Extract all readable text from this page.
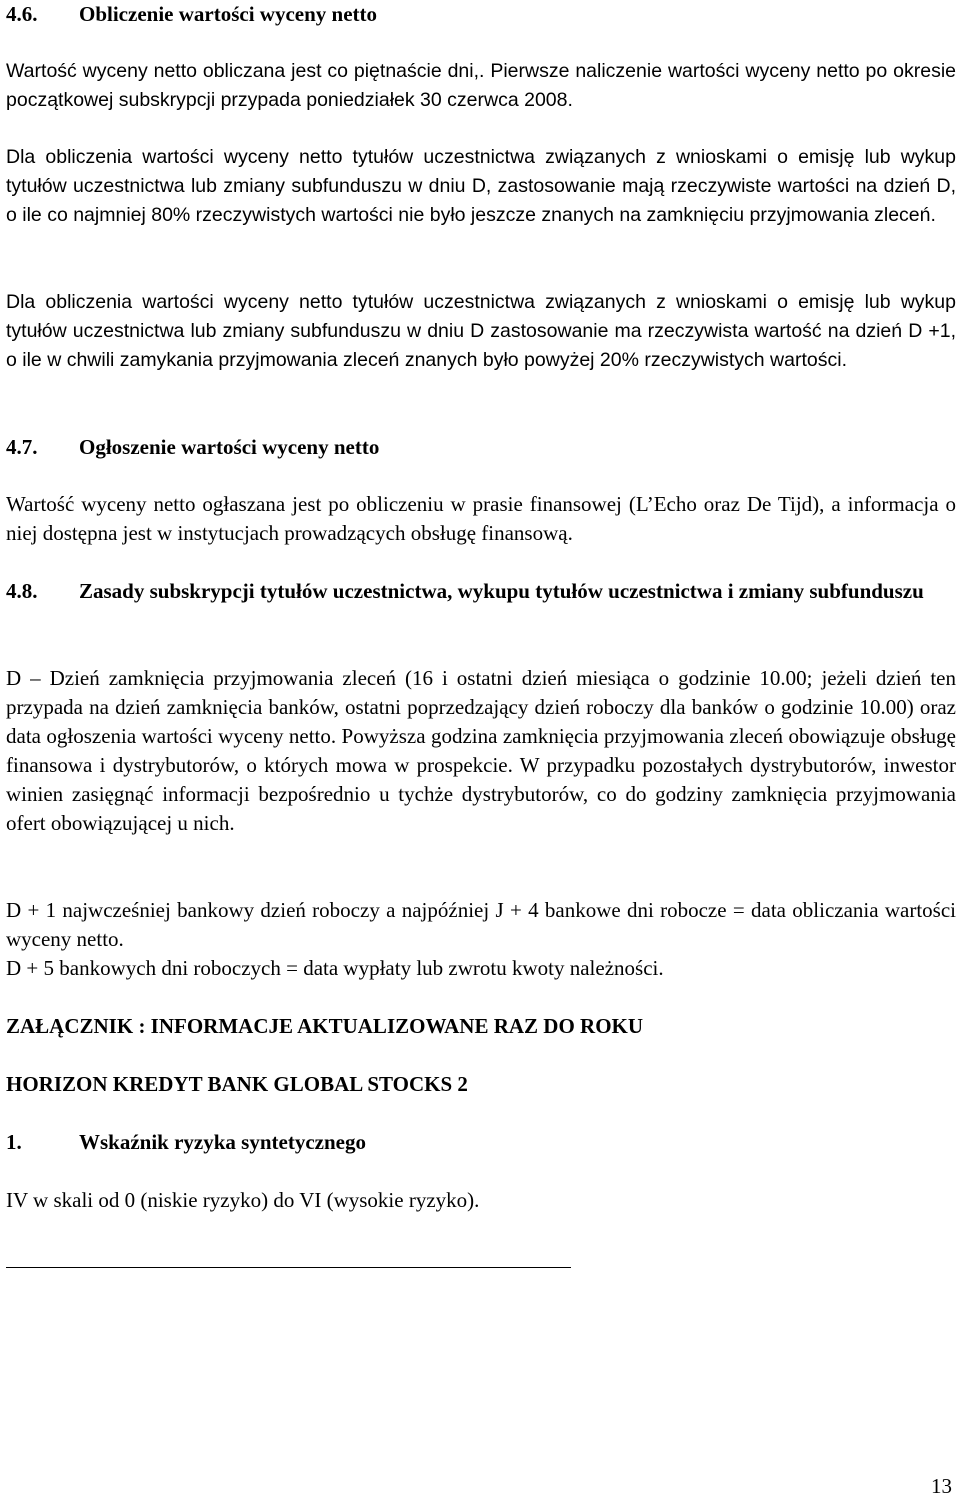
4.6. Obliczenie wartości wyceny netto

Wartość wyceny netto obliczana jest co piętnaście dni,. Pierwsze naliczenie wartości wyceny netto po okresie początkowej subskrypcji przypada poniedziałek 30 czerwca 2008.

Dla obliczenia wartości wyceny netto tytułów uczestnictwa związanych z wnioskami o emisję lub wykup tytułów uczestnictwa lub zmiany subfunduszu w dniu D, zastosowanie mają rzeczywiste wartości na dzień D, o ile co najmniej 80% rzeczywistych wartości nie było jeszcze znanych na zamknięciu przyjmowania zleceń.

Dla obliczenia wartości wyceny netto tytułów uczestnictwa związanych z wnioskami o emisję lub wykup tytułów uczestnictwa lub zmiany subfunduszu w dniu D zastosowanie ma rzeczywista wartość na dzień D +1, o ile w chwili zamykania przyjmowania zleceń znanych było powyżej 20% rzeczywistych wartości.

4.7. Ogłoszenie wartości wyceny netto

Wartość wyceny netto ogłaszana jest po obliczeniu w prasie finansowej (L’Echo oraz De Tijd), a informacja o niej dostępna jest w instytucjach prowadzących obsługę finansową.

4.8. Zasady subskrypcji tytułów uczestnictwa, wykupu tytułów uczestnictwa i zmiany subfunduszu

D – Dzień zamknięcia przyjmowania zleceń (16 i ostatni dzień miesiąca o godzinie 10.00; jeżeli dzień ten przypada na dzień zamknięcia banków, ostatni poprzedzający dzień roboczy dla banków o godzinie 10.00) oraz data ogłoszenia wartości wyceny netto. Powyższa godzina zamknięcia przyjmowania zleceń obowiązuje obsługę finansowa i dystrybutorów, o których mowa w prospekcie. W przypadku pozostałych dystrybutorów, inwestor winien zasięgnąć informacji bezpośrednio u tychże dystrybutorów, co do godziny zamknięcia przyjmowania ofert obowiązującej u nich.

D + 1 najwcześniej bankowy dzień roboczy a najpóźniej J + 4 bankowe dni robocze = data obliczania wartości wyceny netto.

D + 5 bankowych dni roboczych = data wypłaty lub zwrotu kwoty należności.

ZAŁĄCZNIK : INFORMACJE AKTUALIZOWANE RAZ DO ROKU
HORIZON KREDYT BANK GLOBAL STOCKS 2
1.	Wskaźnik ryzyka syntetycznego

IV w skali od 0 (niskie ryzyko) do VI (wysokie ryzyko).

13
